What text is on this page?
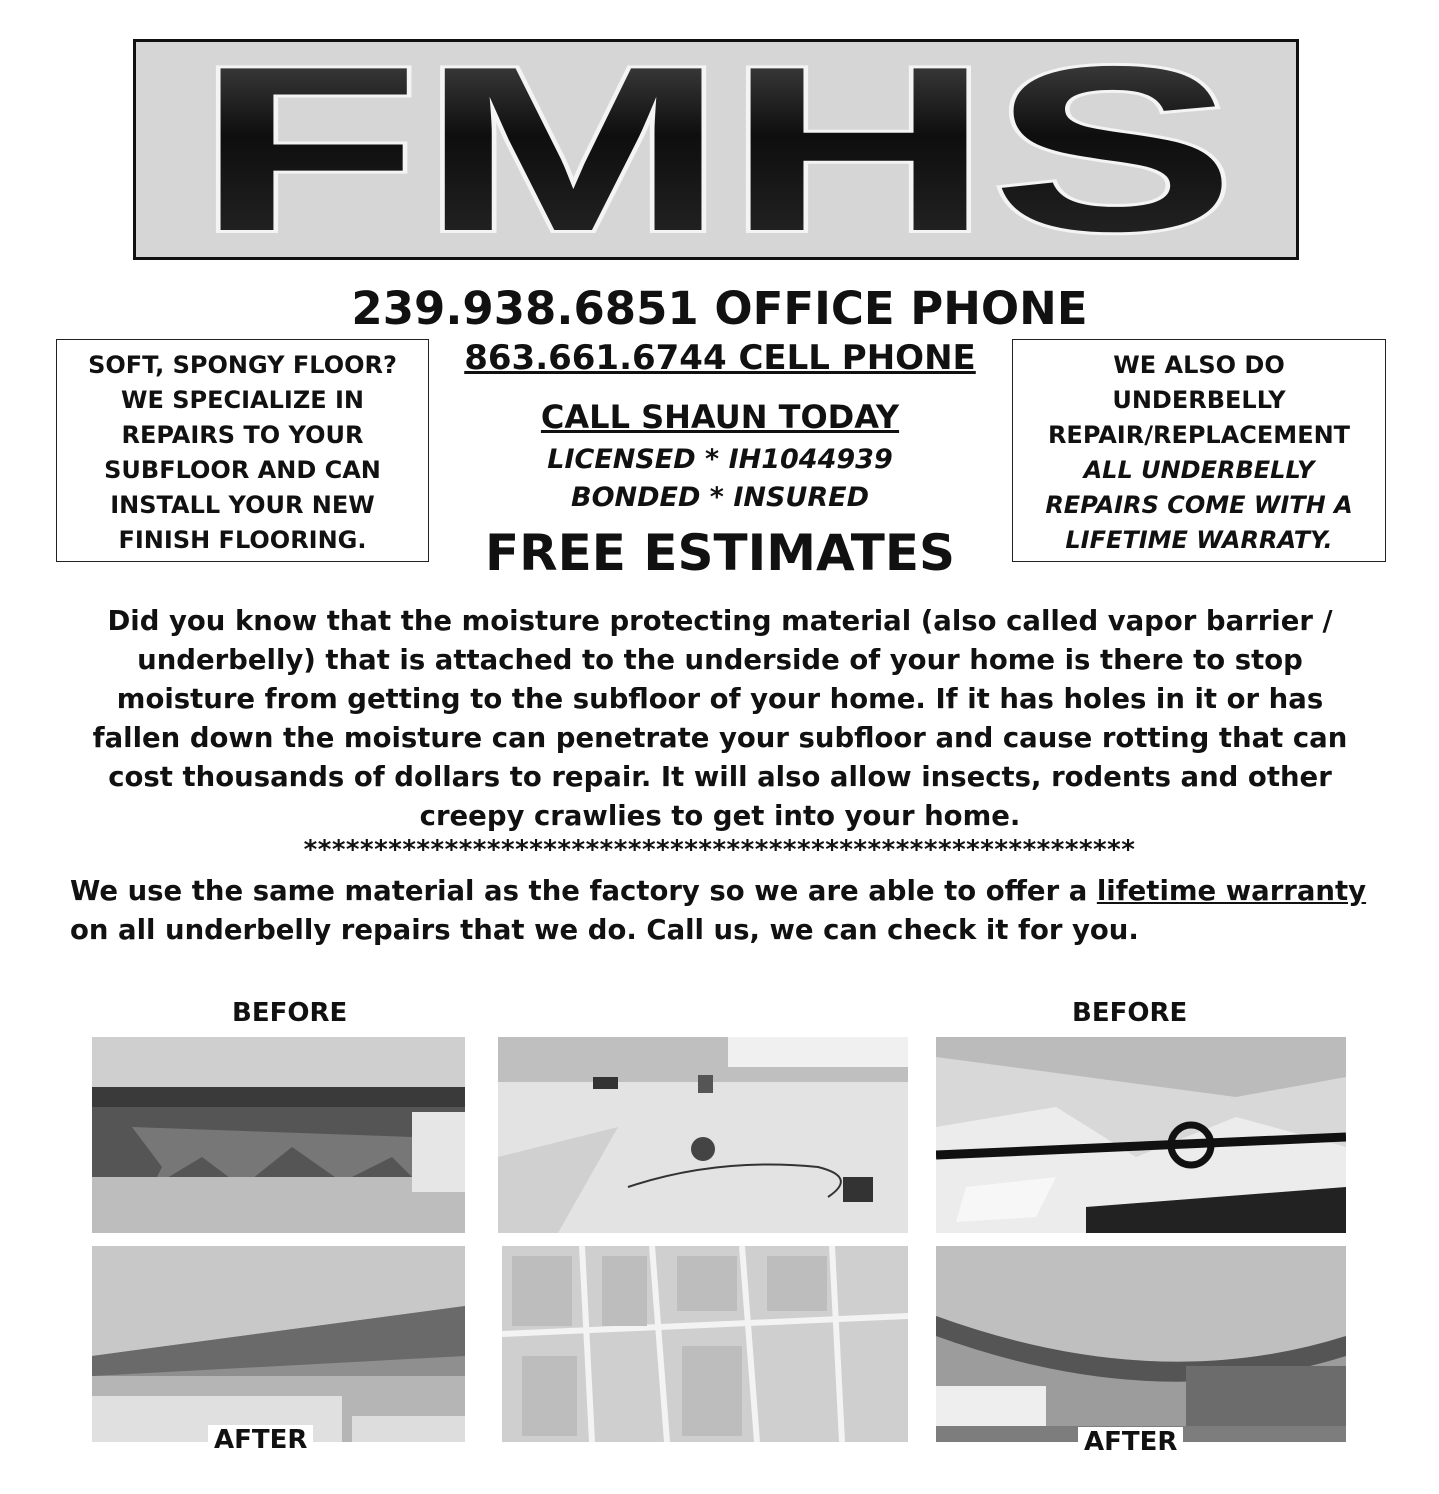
FMHS
239.938.6851 OFFICE PHONE
863.661.6744 CELL PHONE
CALL SHAUN TODAY
LICENSED * IH1044939
BONDED * INSURED
FREE ESTIMATES
SOFT, SPONGY FLOOR?
WE SPECIALIZE IN
REPAIRS TO YOUR
SUBFLOOR AND CAN
INSTALL YOUR NEW
FINISH FLOORING.
WE ALSO DO
UNDERBELLY
REPAIR/REPLACEMENT
ALL UNDERBELLY
REPAIRS COME WITH A
LIFETIME WARRATY.
Did you know that the moisture protecting material (also called vapor barrier / underbelly) that is attached to the underside of your home is there to stop moisture from getting to the subfloor of your home. If it has holes in it or has fallen down the moisture can penetrate your subfloor and cause rotting that can cost thousands of dollars to repair. It will also allow insects, rodents and other creepy crawlies to get into your home.
***********************************************************
We use the same material as the factory so we are able to offer a lifetime warranty on all underbelly repairs that we do. Call us, we can check it for you.
BEFORE	BEFORE
AFTER	AFTER
